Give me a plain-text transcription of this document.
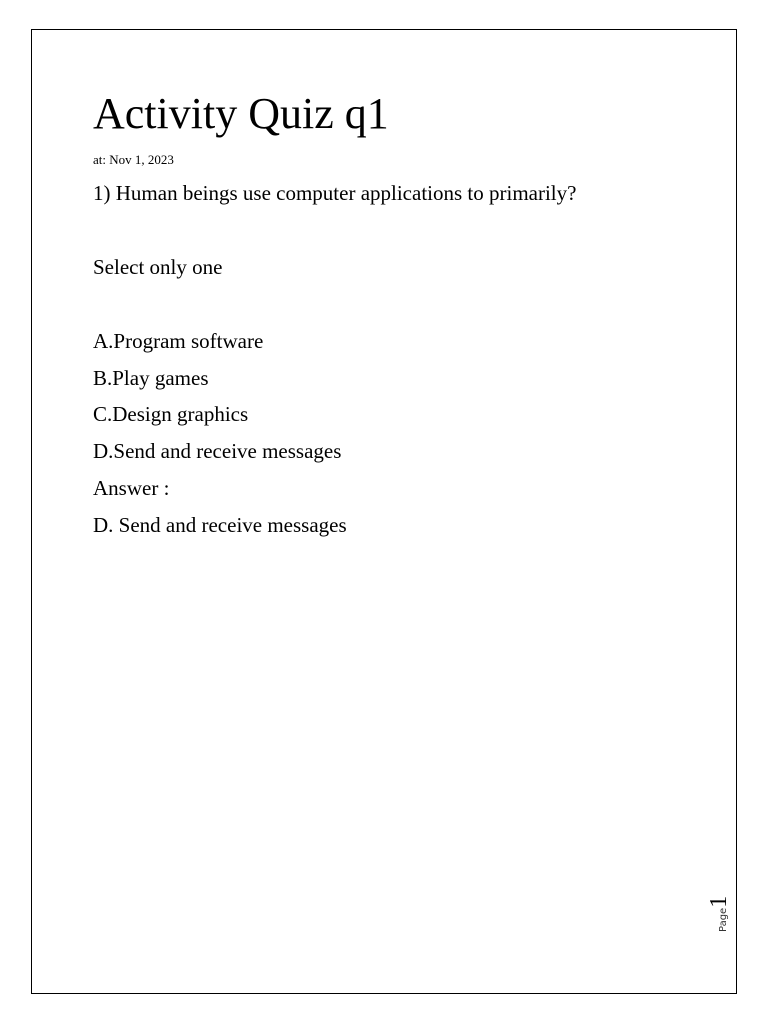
Activity Quiz q1
at: Nov 1, 2023
1) Human beings use computer applications to primarily?
Select only one
A.Program software
B.Play games
C.Design graphics
D.Send and receive messages
Answer :
D. Send and receive messages
Page1
